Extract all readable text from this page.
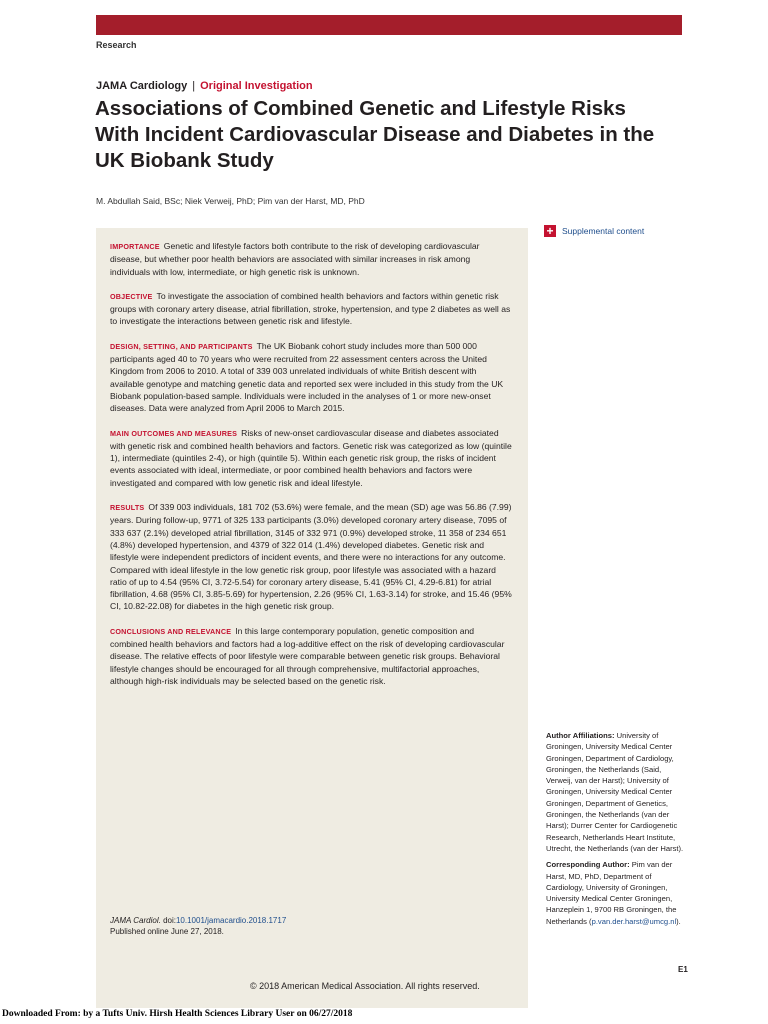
Research
JAMA Cardiology | Original Investigation
Associations of Combined Genetic and Lifestyle Risks With Incident Cardiovascular Disease and Diabetes in the UK Biobank Study
M. Abdullah Said, BSc; Niek Verweij, PhD; Pim van der Harst, MD, PhD
+ Supplemental content

IMPORTANCE Genetic and lifestyle factors both contribute to the risk of developing cardiovascular disease, but whether poor health behaviors are associated with similar increases in risk among individuals with low, intermediate, or high genetic risk is unknown.

OBJECTIVE To investigate the association of combined health behaviors and factors within genetic risk groups with coronary artery disease, atrial fibrillation, stroke, hypertension, and type 2 diabetes as well as to investigate the interactions between genetic risk and lifestyle.

DESIGN, SETTING, AND PARTICIPANTS The UK Biobank cohort study includes more than 500 000 participants aged 40 to 70 years who were recruited from 22 assessment centers across the United Kingdom from 2006 to 2010. A total of 339 003 unrelated individuals of white British descent with available genotype and matching genetic data and reported sex were included in this study from the UK Biobank population-based sample. Individuals were included in the analyses of 1 or more new-onset diseases. Data were analyzed from April 2006 to March 2015.

MAIN OUTCOMES AND MEASURES Risks of new-onset cardiovascular disease and diabetes associated with genetic risk and combined health behaviors and factors. Genetic risk was categorized as low (quintile 1), intermediate (quintiles 2-4), or high (quintile 5). Within each genetic risk group, the risks of incident events associated with ideal, intermediate, or poor combined health behaviors and factors were investigated and compared with low genetic risk and ideal lifestyle.

RESULTS Of 339 003 individuals, 181 702 (53.6%) were female, and the mean (SD) age was 56.86 (7.99) years. During follow-up, 9771 of 325 133 participants (3.0%) developed coronary artery disease, 7095 of 333 637 (2.1%) developed atrial fibrillation, 3145 of 332 971 (0.9%) developed stroke, 11 358 of 234 651 (4.8%) developed hypertension, and 4379 of 322 014 (1.4%) developed diabetes. Genetic risk and lifestyle were independent predictors of incident events, and there were no interactions for any outcome. Compared with ideal lifestyle in the low genetic risk group, poor lifestyle was associated with a hazard ratio of up to 4.54 (95% CI, 3.72-5.54) for coronary artery disease, 5.41 (95% CI, 4.29-6.81) for atrial fibrillation, 4.68 (95% CI, 3.85-5.69) for hypertension, 2.26 (95% CI, 1.63-3.14) for stroke, and 15.46 (95% CI, 10.82-22.08) for diabetes in the high genetic risk group.

CONCLUSIONS AND RELEVANCE In this large contemporary population, genetic composition and combined health behaviors and factors had a log-additive effect on the risk of developing cardiovascular disease. The relative effects of poor lifestyle were comparable between genetic risk groups. Behavioral lifestyle changes should be encouraged for all through comprehensive, multifactorial approaches, although high-risk individuals may be selected based on the genetic risk.

JAMA Cardiol. doi:10.1001/jamacardio.2018.1717
Published online June 27, 2018.

Author Affiliations: University of Groningen, University Medical Center Groningen, Department of Cardiology, Groningen, the Netherlands (Said, Verweij, van der Harst); University of Groningen, University Medical Center Groningen, Department of Genetics, Groningen, the Netherlands (van der Harst); Durrer Center for Cardiogenetic Research, Netherlands Heart Institute, Utrecht, the Netherlands (van der Harst).

Corresponding Author: Pim van der Harst, MD, PhD, Department of Cardiology, University of Groningen, University Medical Center Groningen, Hanzeplein 1, 9700 RB Groningen, the Netherlands (p.van.der.harst@umcg.nl).

E1
© 2018 American Medical Association. All rights reserved.
Downloaded From: by a Tufts Univ. Hirsh Health Sciences Library User on 06/27/2018
